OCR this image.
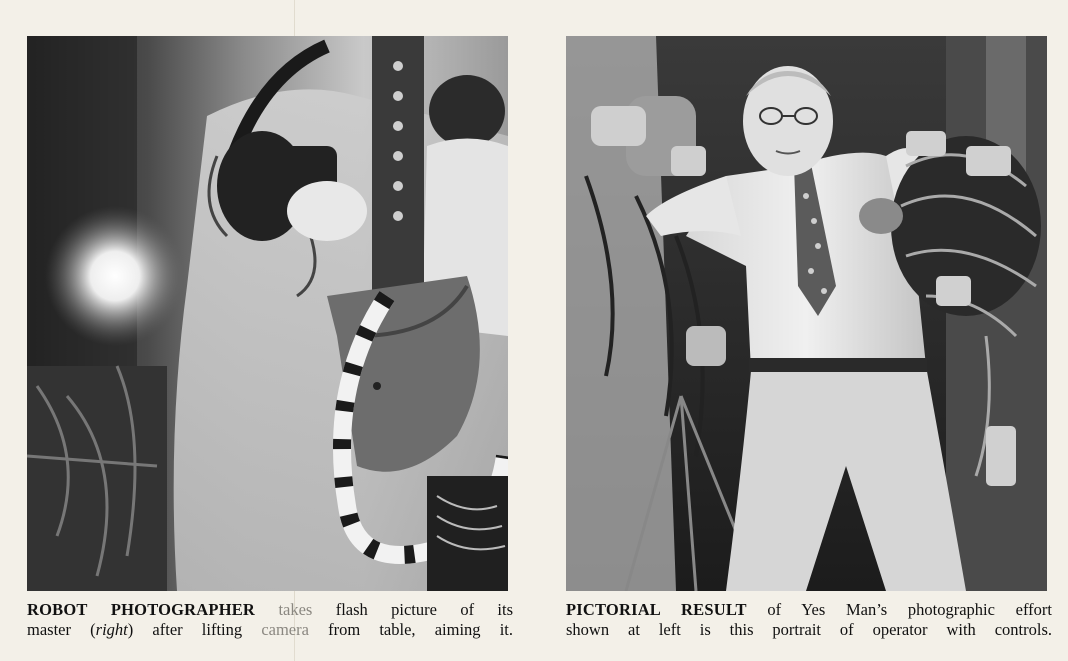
ROBOT PHOTOGRAPHER takes flash picture of its
master (right) after lifting camera from table, aiming it.
PICTORIAL RESULT of Yes Man’s photographic effort
shown at left is this portrait of operator with controls.
